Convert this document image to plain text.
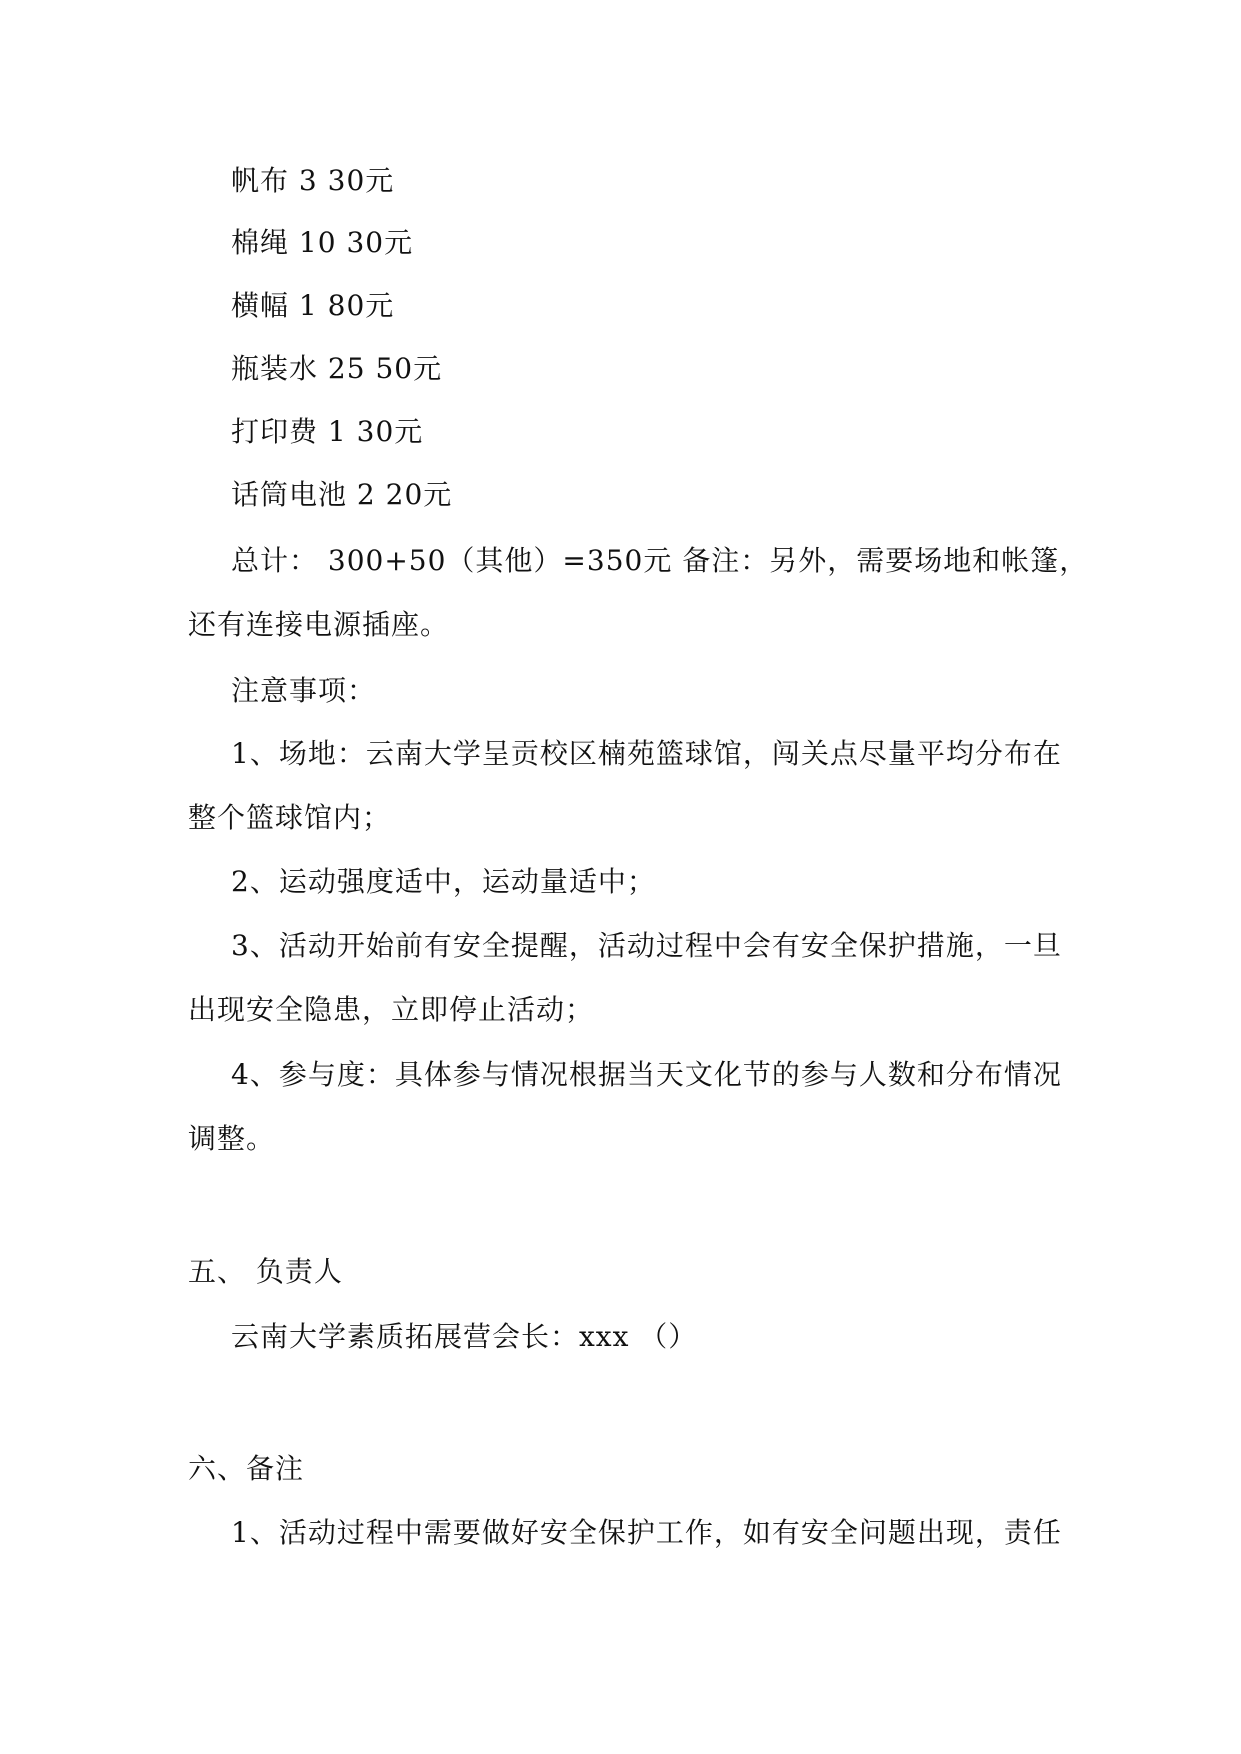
帆布 3 30元
棉绳 10 30元
横幅 1 80元
瓶装水 25 50元
打印费 1 30元
话筒电池 2 20元
总计： 300+50（其他）=350元 备注：另外，需要场地和帐篷，
还有连接电源插座。
注意事项：
1、场地：云南大学呈贡校区楠苑篮球馆，闯关点尽量平均分布在
整个篮球馆内；
2、运动强度适中，运动量适中；
3、活动开始前有安全提醒，活动过程中会有安全保护措施，一旦
出现安全隐患，立即停止活动；
4、参与度：具体参与情况根据当天文化节的参与人数和分布情况
调整。
五、 负责人
云南大学素质拓展营会长：xxx （）
六、备注
1、活动过程中需要做好安全保护工作，如有安全问题出现，责任
